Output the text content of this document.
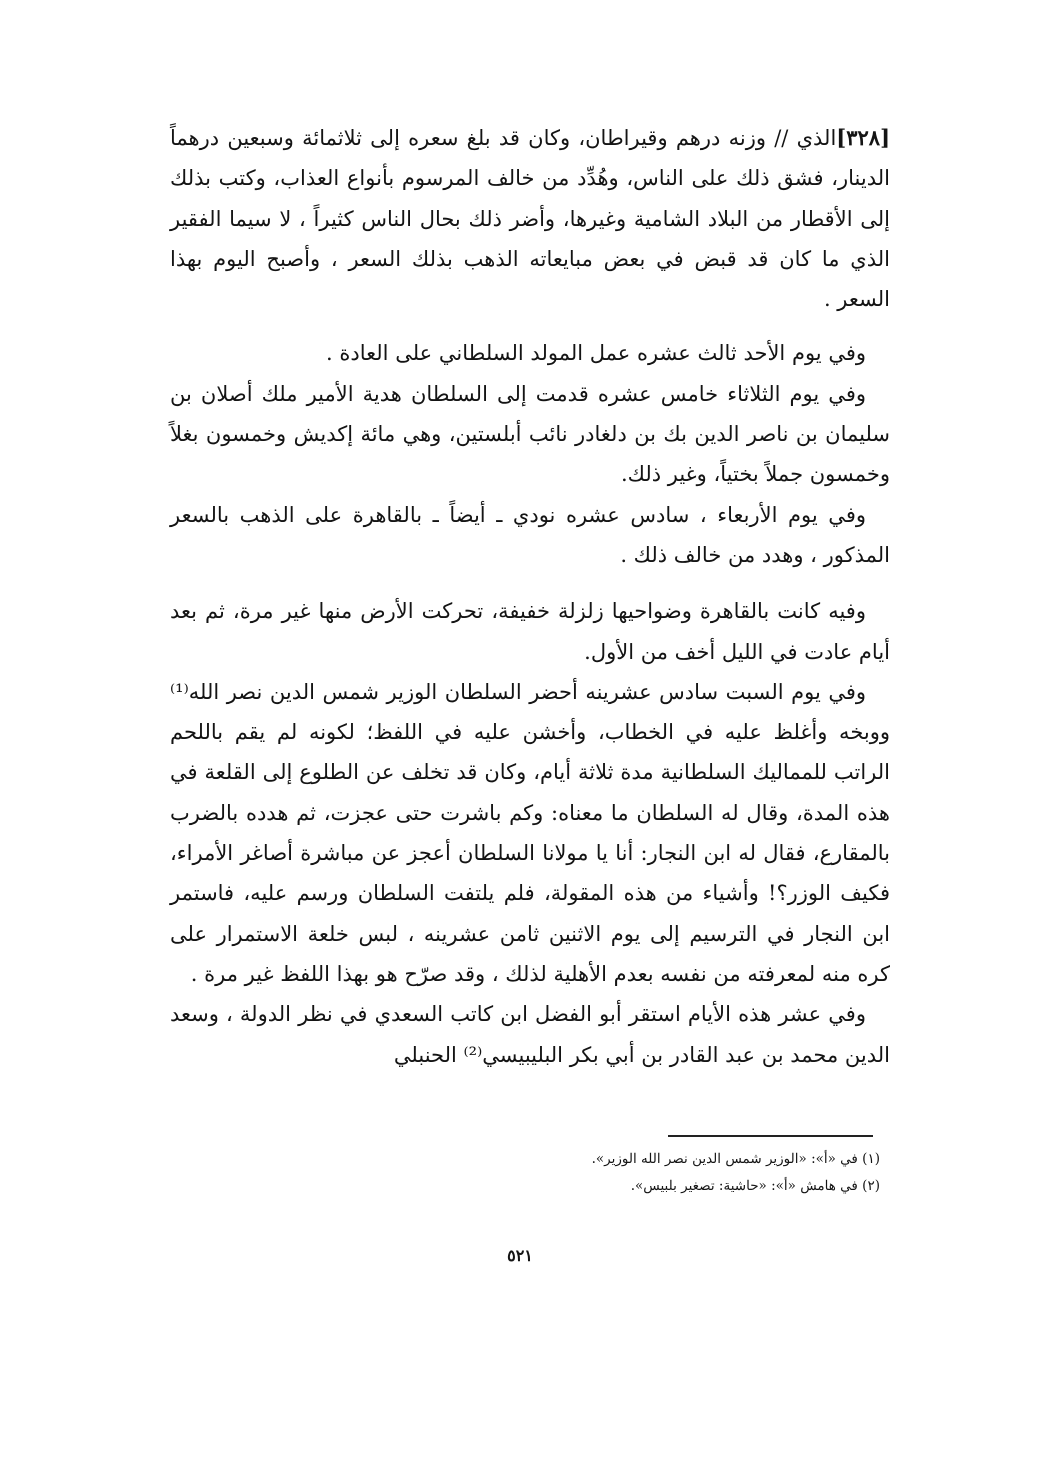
[٣٢٨]الذي // وزنه درهم وقيراطان، وكان قد بلغ سعره إلى ثلاثمائة وسبعين درهماً الدينار، فشق ذلك على الناس، وهُدِّد من خالف المرسوم بأنواع العذاب، وكتب بذلك إلى الأقطار من البلاد الشامية وغيرها، وأضر ذلك بحال الناس كثيراً ، لا سيما الفقير الذي ما كان قد قبض في بعض مبايعاته الذهب بذلك السعر ، وأصبح اليوم بهذا السعر .

وفي يوم الأحد ثالث عشره عمل المولد السلطاني على العادة .

وفي يوم الثلاثاء خامس عشره قدمت إلى السلطان هدية الأمير ملك أصلان بن سليمان بن ناصر الدين بك بن دلغادر نائب أبلستين، وهي مائة إكديش وخمسون بغلاً وخمسون جملاً بختياً، وغير ذلك.

وفي يوم الأربعاء ، سادس عشره نودي ـ أيضاً ـ بالقاهرة على الذهب بالسعر المذكور ، وهدد من خالف ذلك .

وفيه كانت بالقاهرة وضواحيها زلزلة خفيفة، تحركت الأرض منها غير مرة، ثم بعد أيام عادت في الليل أخف من الأول.

وفي يوم السبت سادس عشرينه أحضر السلطان الوزير شمس الدين نصر الله⁽¹⁾ ووبخه وأغلظ عليه في الخطاب، وأخشن عليه في اللفظ؛ لكونه لم يقم باللحم الراتب للمماليك السلطانية مدة ثلاثة أيام، وكان قد تخلف عن الطلوع إلى القلعة في هذه المدة، وقال له السلطان ما معناه: وكم باشرت حتى عجزت، ثم هدده بالضرب بالمقارع، فقال له ابن النجار: أنا يا مولانا السلطان أعجز عن مباشرة أصاغر الأمراء، فكيف الوزر؟! وأشياء من هذه المقولة، فلم يلتفت السلطان ورسم عليه، فاستمر ابن النجار في الترسيم إلى يوم الاثنين ثامن عشرينه ، لبس خلعة الاستمرار على كره منه لمعرفته من نفسه بعدم الأهلية لذلك ، وقد صرّح هو بهذا اللفظ غير مرة .

وفي عشر هذه الأيام استقر أبو الفضل ابن كاتب السعدي في نظر الدولة ، وسعد الدين محمد بن عبد القادر بن أبي بكر البليبيسي⁽²⁾ الحنبلي

(١) في «أ»: «الوزير شمس الدين نصر الله الوزير».
(٢) في هامش «أ»: «حاشية: تصغير بلبيس».
٥٢١
